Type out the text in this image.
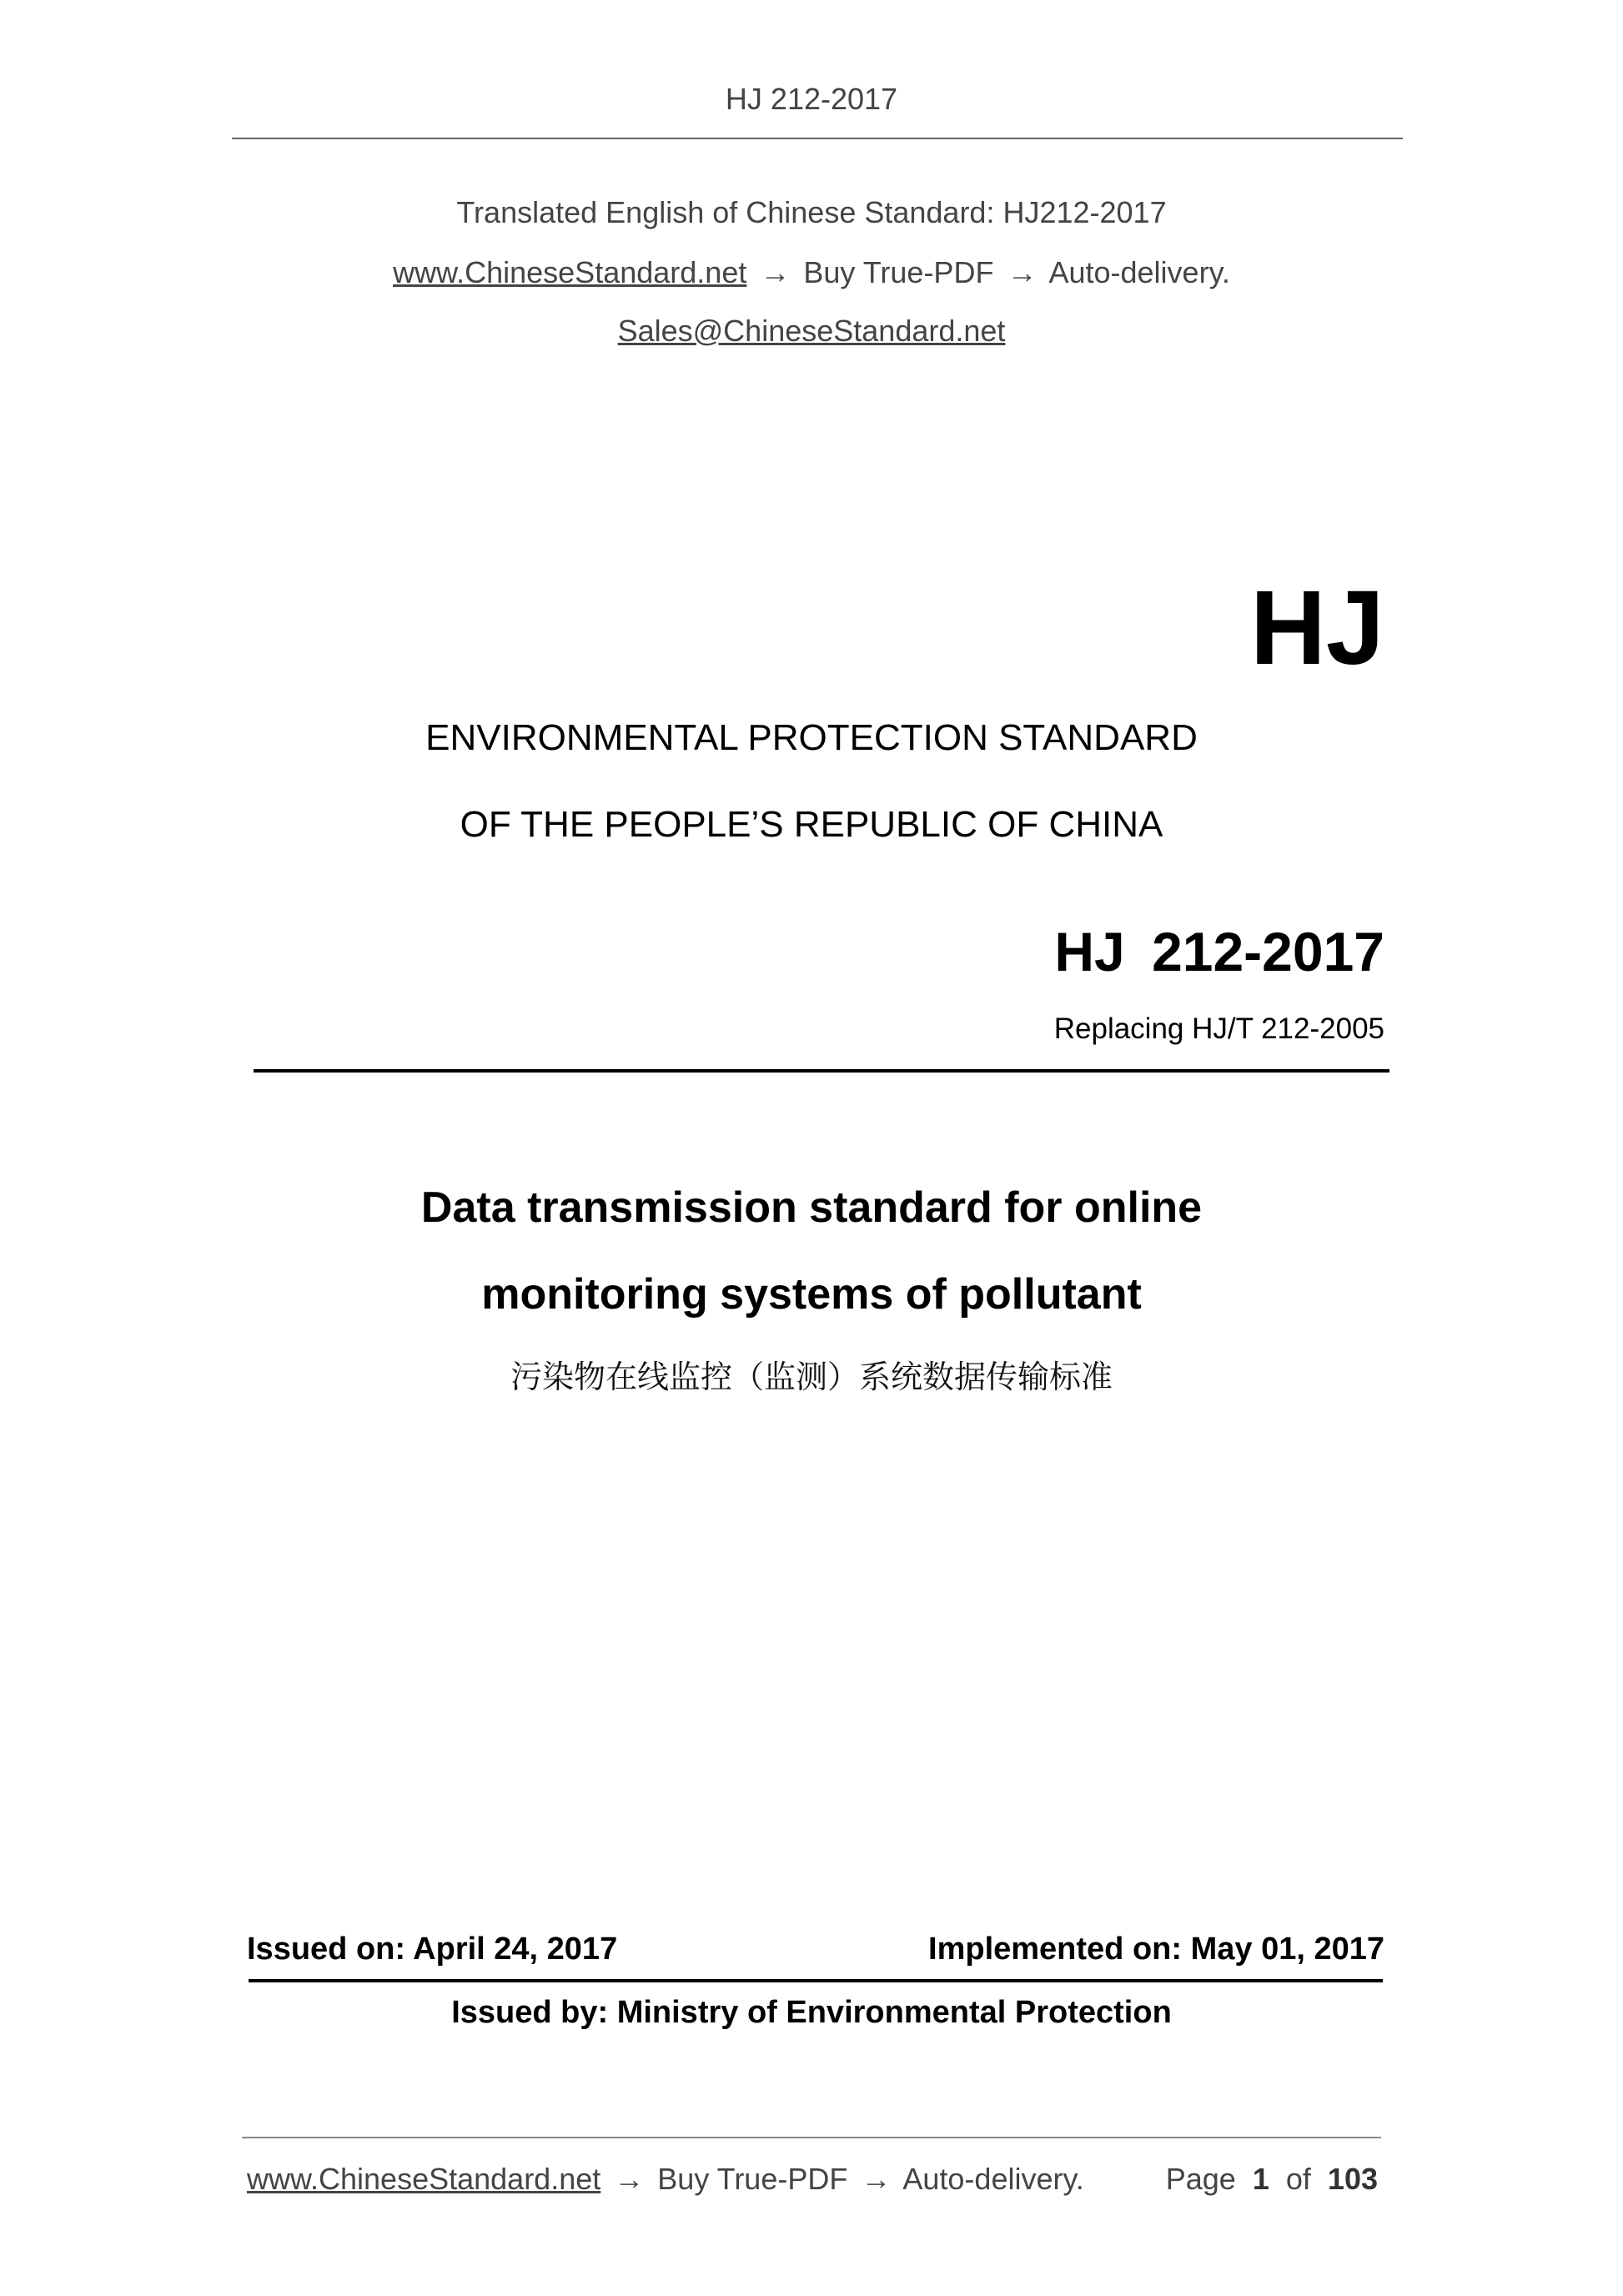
HJ 212-2017
Translated English of Chinese Standard: HJ212-2017
www.ChineseStandard.net → Buy True-PDF → Auto-delivery.
Sales@ChineseStandard.net
HJ
ENVIRONMENTAL PROTECTION STANDARD
OF THE PEOPLE’S REPUBLIC OF CHINA
HJ 212-2017
Replacing HJ/T 212-2005
Data transmission standard for online
monitoring systems of pollutant
污染物在线监控（监测）系统数据传输标准
Issued on: April 24, 2017	Implemented on: May 01, 2017
Issued by: Ministry of Environmental Protection
www.ChineseStandard.net → Buy True-PDF → Auto-delivery.	Page 1 of 103
